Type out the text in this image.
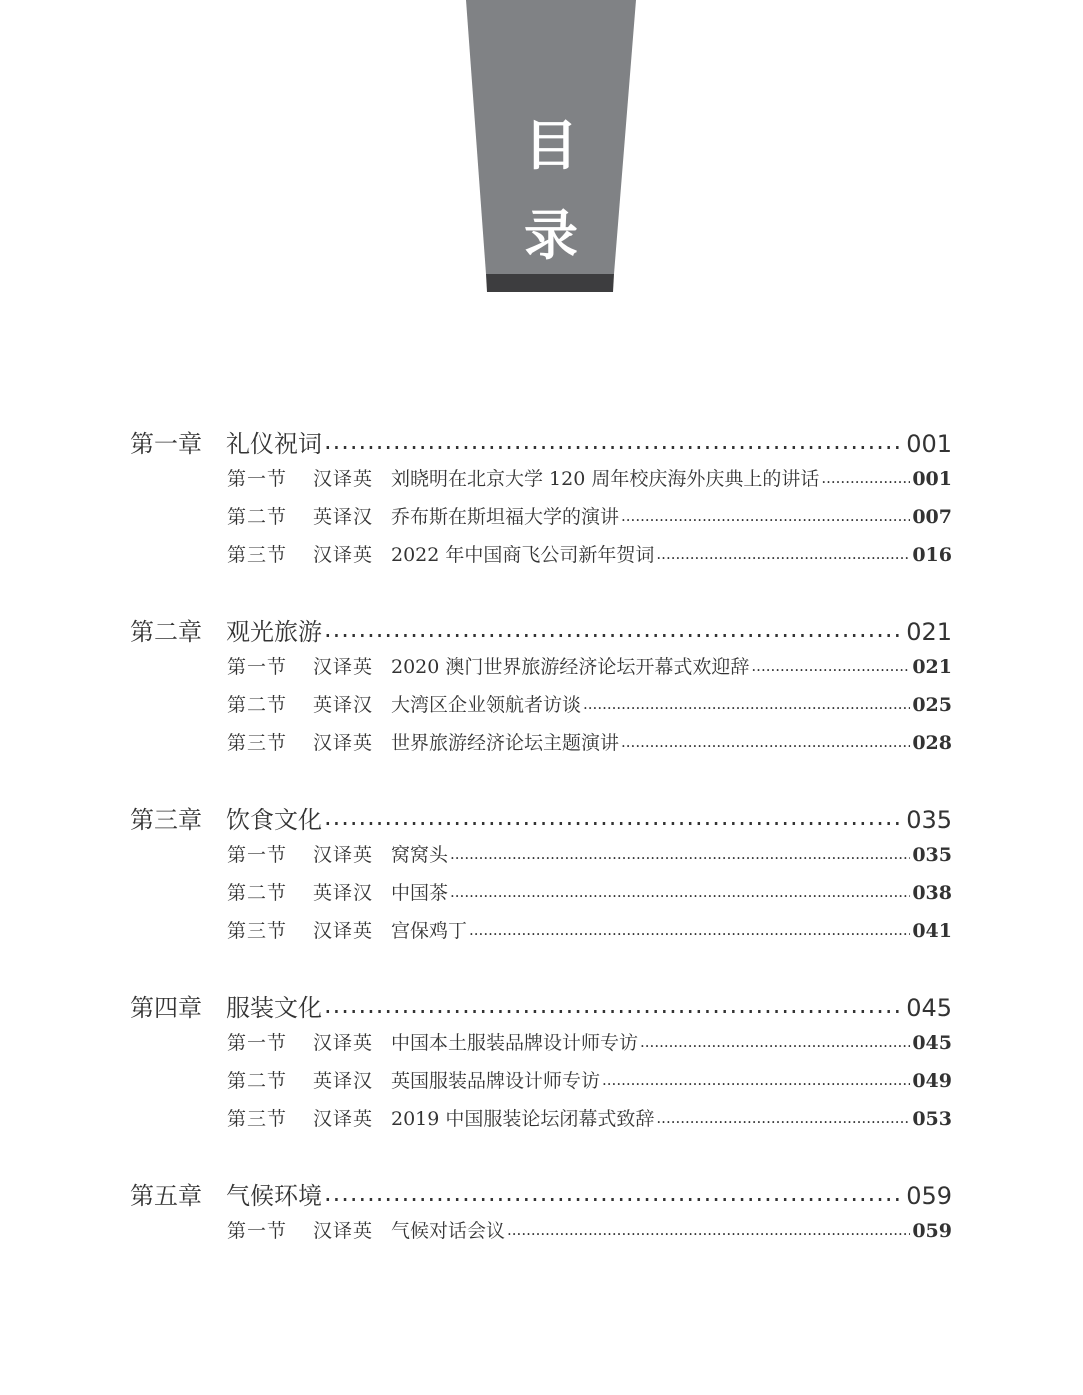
目
录
第一章	礼仪祝词 .....	001
第一节	汉译英 刘晓明在北京大学 120 周年校庆海外庆典上的讲话 .....	001
第二节	英译汉 乔布斯在斯坦福大学的演讲 .....	007
第三节	汉译英 2022 年中国商飞公司新年贺词 .....	016
第二章	观光旅游 .....	021
第一节	汉译英 2020 澳门世界旅游经济论坛开幕式欢迎辞 .....	021
第二节	英译汉 大湾区企业领航者访谈 .....	025
第三节	汉译英 世界旅游经济论坛主题演讲 .....	028
第三章	饮食文化 .....	035
第一节	汉译英 窝窝头 .....	035
第二节	英译汉 中国茶 .....	038
第三节	汉译英 宫保鸡丁 .....	041
第四章	服装文化 .....	045
第一节	汉译英 中国本土服装品牌设计师专访 .....	045
第二节	英译汉 英国服装品牌设计师专访 .....	049
第三节	汉译英 2019 中国服装论坛闭幕式致辞 .....	053
第五章	气候环境 .....	059
第一节	汉译英 气候对话会议 .....	059
